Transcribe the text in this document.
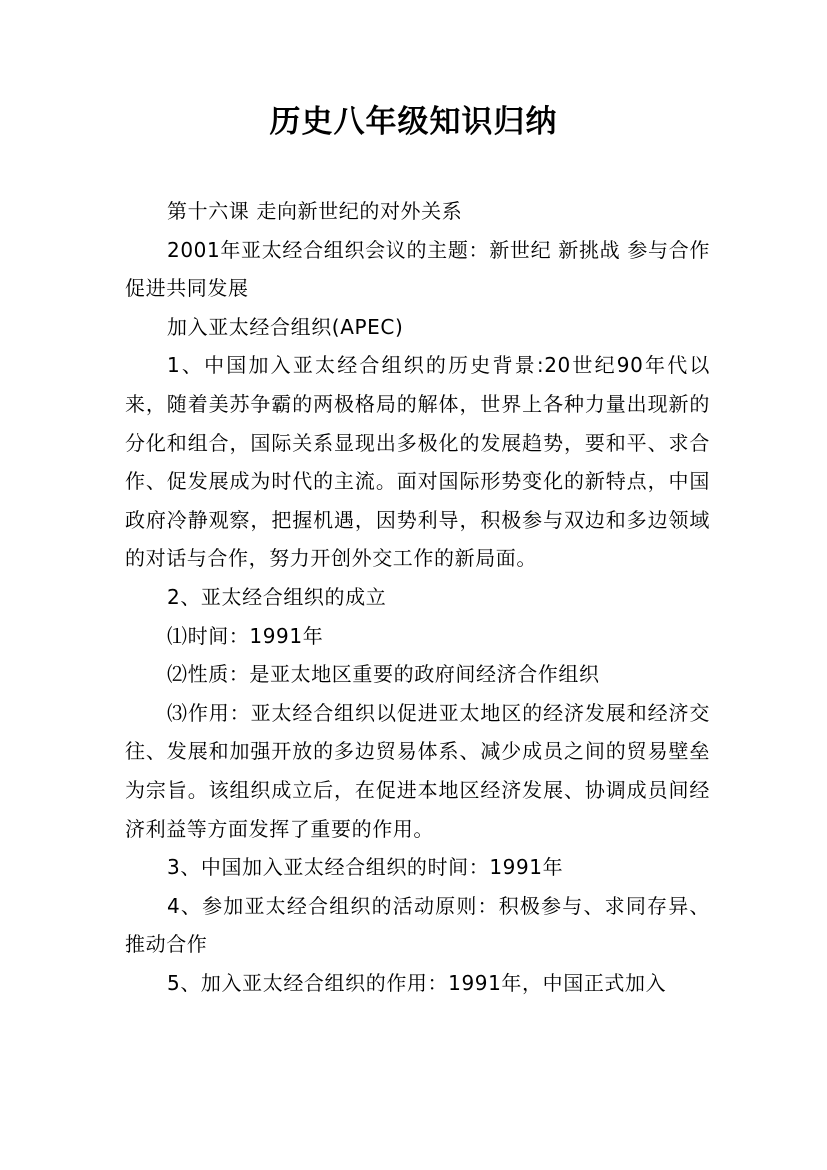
历史八年级知识归纳

第十六课 走向新世纪的对外关系

2001年亚太经合组织会议的主题：新世纪 新挑战 参与合作 促进共同发展

加入亚太经合组织(APEC)

1、中国加入亚太经合组织的历史背景:20世纪90年代以来，随着美苏争霸的两极格局的解体，世界上各种力量出现新的分化和组合，国际关系显现出多极化的发展趋势，要和平、求合作、促发展成为时代的主流。面对国际形势变化的新特点，中国政府冷静观察，把握机遇，因势利导，积极参与双边和多边领域的对话与合作，努力开创外交工作的新局面。

2、亚太经合组织的成立

⑴时间：1991年

⑵性质：是亚太地区重要的政府间经济合作组织

⑶作用：亚太经合组织以促进亚太地区的经济发展和经济交往、发展和加强开放的多边贸易体系、减少成员之间的贸易壁垒为宗旨。该组织成立后，在促进本地区经济发展、协调成员间经济利益等方面发挥了重要的作用。

3、中国加入亚太经合组织的时间：1991年

4、参加亚太经合组织的活动原则：积极参与、求同存异、推动合作

5、加入亚太经合组织的作用：1991年，中国正式加入
